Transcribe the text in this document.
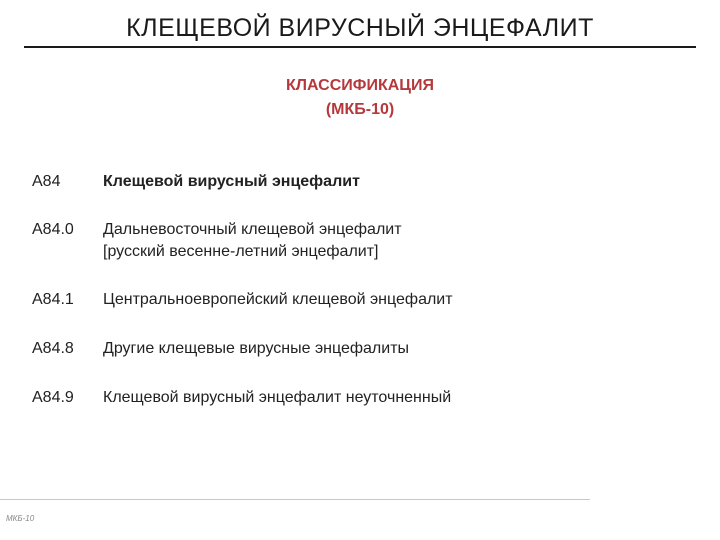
КЛЕЩЕВОЙ ВИРУСНЫЙ ЭНЦЕФАЛИТ
КЛАССИФИКАЦИЯ
(МКБ-10)
А84	Клещевой вирусный энцефалит
А84.0	Дальневосточный клещевой энцефалит
[русский весенне-летний энцефалит]
А84.1	Центральноевропейский клещевой энцефалит
А84.8	Другие клещевые вирусные энцефалиты
А84.9	Клещевой вирусный энцефалит неуточненный
МКБ-10
